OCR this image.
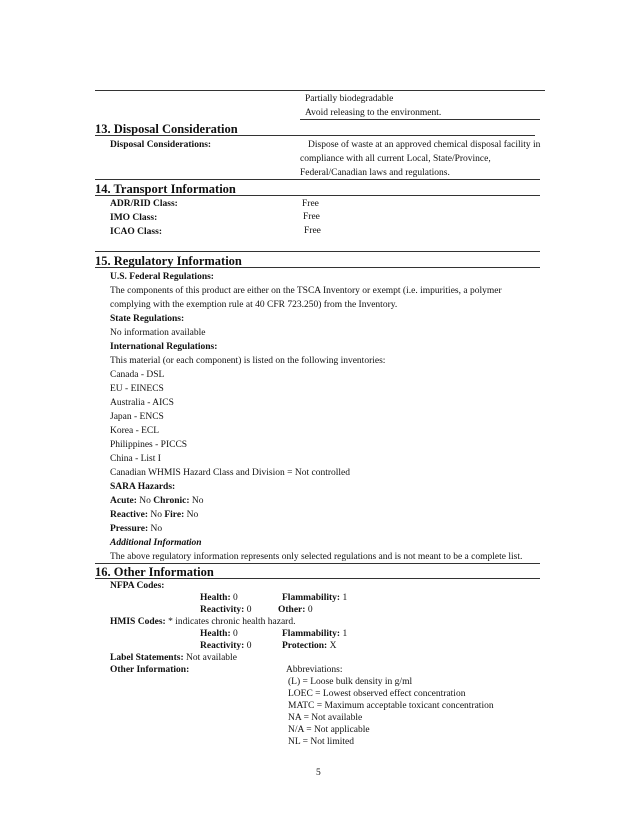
Partially biodegradable
Avoid releasing to the environment.
13. Disposal Consideration
Disposal Considerations:	Dispose of waste at an approved chemical disposal facility in
compliance with all current Local, State/Province,
Federal/Canadian laws and regulations.
14. Transport Information
ADR/RID Class:	Free
IMO Class:	Free
ICAO Class:	Free
15. Regulatory Information
U.S. Federal Regulations:
The components of this product are either on the TSCA Inventory or exempt (i.e. impurities, a polymer
complying with the exemption rule at 40 CFR 723.250) from the Inventory.
State Regulations:
No information available
International Regulations:
This material (or each component) is listed on the following inventories:
Canada - DSL
EU - EINECS
Australia - AICS
Japan - ENCS
Korea - ECL
Philippines - PICCS
China - List I
Canadian WHMIS Hazard Class and Division = Not controlled
SARA Hazards:
Acute: No Chronic: No
Reactive: No Fire: No
Pressure: No
Additional Information
The above regulatory information represents only selected regulations and is not meant to be a complete list.
16. Other Information
NFPA Codes:
Health: 0	Flammability: 1
Reactivity: 0	Other: 0
HMIS Codes: * indicates chronic health hazard.
Health: 0	Flammability: 1
Reactivity: 0	Protection: X
Label Statements: Not available
Other Information:	Abbreviations:
(L) = Loose bulk density in g/ml
LOEC = Lowest observed effect concentration
MATC = Maximum acceptable toxicant concentration
NA = Not available
N/A = Not applicable
NL = Not limited
5
